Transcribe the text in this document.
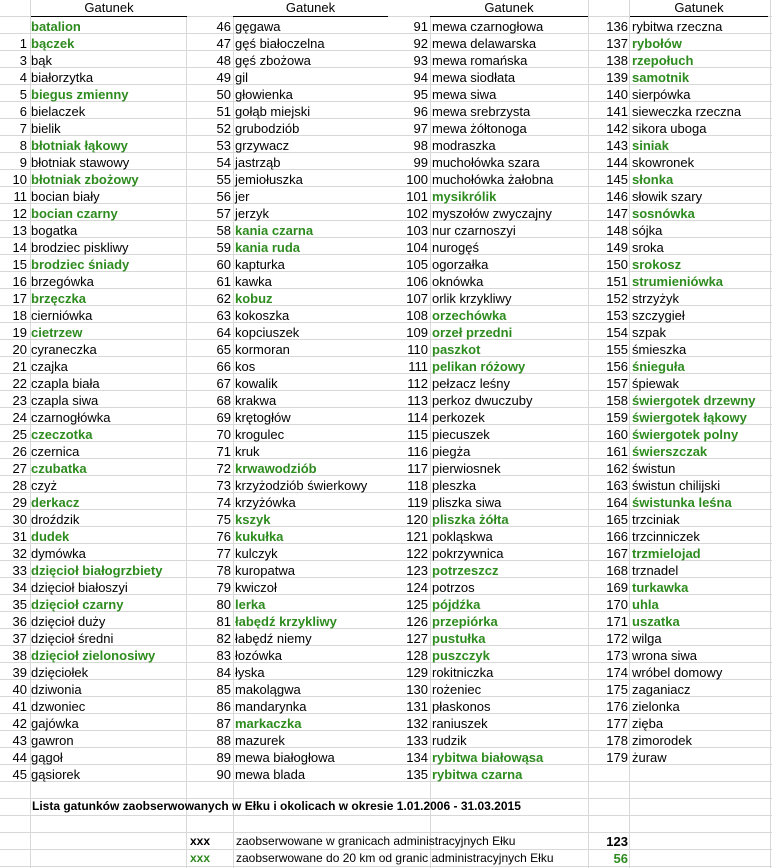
Lista gatunków zaobserwowanych w Ełku i okolicach w okresie 1.01.2006 - 31.03.2015
xxx zaobserwowane w granicach administracyjnych Ełku	123
xxx zaobserwowane do 20 km od granic administracyjnych Ełku	56
Gatunek
batalion
1 bączek
3 bąk
4 białorzytka
5 biegus zmienny
6 bielaczek
7 bielik
8 błotniak łąkowy
9 błotniak stawowy
10 błotniak zbożowy
11 bocian biały
12 bocian czarny
13 bogatka
14 brodziec piskliwy
15 brodziec śniady
16 brzegówka
17 brzęczka
18 cierniówka
19 cietrzew
20 cyraneczka
21 czajka
22 czapla biała
23 czapla siwa
24 czarnogłówka
25 czeczotka
26 czernica
27 czubatka
28 czyż
29 derkacz
30 droździk
31 dudek
32 dymówka
33 dzięcioł białogrzbiety
34 dzięcioł białoszyi
35 dzięcioł czarny
36 dzięcioł duży
37 dzięcioł średni
38 dzięcioł zielonosiwy
39 dzięciołek
40 dziwonia
41 dzwoniec
42 gajówka
43 gawron
44 gągoł
45 gąsiorek
Gatunek
46 gęgawa
47 gęś białoczelna
48 gęś zbożowa
49 gil
50 głowienka
51 gołąb miejski
52 grubodziób
53 grzywacz
54 jastrząb
55 jemiołuszka
56 jer
57 jerzyk
58 kania czarna
59 kania ruda
60 kapturka
61 kawka
62 kobuz
63 kokoszka
64 kopciuszek
65 kormoran
66 kos
67 kowalik
68 krakwa
69 krętogłów
70 krogulec
71 kruk
72 krwawodziób
73 krzyżodziób świerkowy
74 krzyżówka
75 kszyk
76 kukułka
77 kulczyk
78 kuropatwa
79 kwiczoł
80 lerka
81 łabędź krzykliwy
82 łabędź niemy
83 łozówka
84 łyska
85 makolągwa
86 mandarynka
87 markaczka
88 mazurek
89 mewa białogłowa
90 mewa blada
Gatunek
91 mewa czarnogłowa
92 mewa delawarska
93 mewa romańska
94 mewa siodłata
95 mewa siwa
96 mewa srebrzysta
97 mewa żółtonoga
98 modraszka
99 muchołówka szara
100 muchołówka żałobna
101 mysikrólik
102 myszołów zwyczajny
103 nur czarnoszyi
104 nurogęś
105 ogorzałka
106 oknówka
107 orlik krzykliwy
108 orzechówka
109 orzeł przedni
110 paszkot
111 pelikan różowy
112 pełzacz leśny
113 perkoz dwuczuby
114 perkozek
115 piecuszek
116 piegża
117 pierwiosnek
118 pleszka
119 pliszka siwa
120 pliszka żółta
121 pokląskwa
122 pokrzywnica
123 potrzeszcz
124 potrzos
125 pójdźka
126 przepiórka
127 pustułka
128 puszczyk
129 rokitniczka
130 rożeniec
131 płaskonos
132 raniuszek
133 rudzik
134 rybitwa białowąsa
135 rybitwa czarna
Gatunek
136 rybitwa rzeczna
137 rybołów
138 rzepołuch
139 samotnik
140 sierpówka
141 sieweczka rzeczna
142 sikora uboga
143 siniak
144 skowronek
145 słonka
146 słowik szary
147 sosnówka
148 sójka
149 sroka
150 srokosz
151 strumieniówka
152 strzyżyk
153 szczygieł
154 szpak
155 śmieszka
156 śnieguła
157 śpiewak
158 świergotek drzewny
159 świergotek łąkowy
160 świergotek polny
161 świerszczak
162 świstun
163 świstun chilijski
164 świstunka leśna
165 trzciniak
166 trzcinniczek
167 trzmielojad
168 trznadel
169 turkawka
170 uhla
171 uszatka
172 wilga
173 wrona siwa
174 wróbel domowy
175 zaganiacz
176 zielonka
177 zięba
178 zimorodek
179 żuraw
